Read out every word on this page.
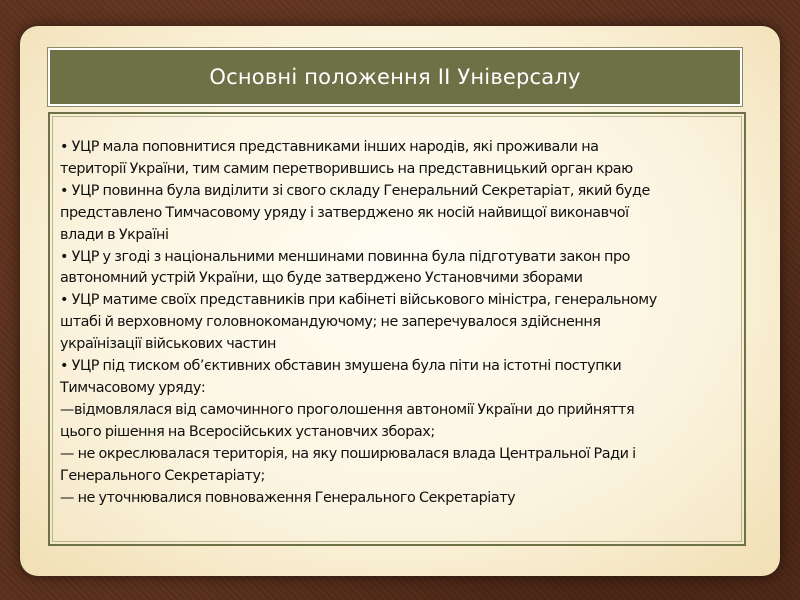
Основні положення ІІ Універсалу
• УЦР мала поповнитися представниками інших народів, які проживали на
території України, тим самим перетворившись на представницький орган краю
• УЦР повинна була виділити зі свого складу Генеральний Секретаріат, який буде
представлено Тимчасовому уряду і затверджено як носій найвищої виконавчої
влади в Україні
• УЦР у згоді з національними меншинами повинна була підготувати закон про
автономний устрій України, що буде затверджено Установчими зборами
• УЦР матиме своїх представників при кабінеті військового міністра, генеральному
штабі й верховному головнокомандуючому; не заперечувалося здійснення
українізації військових частин
• УЦР під тиском об’єктивних обставин змушена була піти на істотні поступки
Тимчасовому уряду:
—відмовлялася від самочинного проголошення автономії України до прийняття
цього рішення на Всеросійських установчих зборах;
— не окреслювалася територія, на яку поширювалася влада Центральної Ради і
Генерального Секретаріату;
— не уточнювалися повноваження Генерального Секретаріату
